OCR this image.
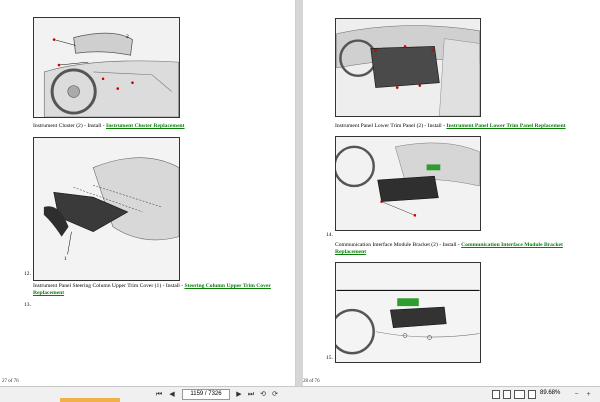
2
Instrument Cluster (2) - Install - Instrument Cluster Replacement
1
12.
Instrument Panel Steering Column Upper Trim Cover (1) - Install - Steering Column Upper Trim Cover Replacement
13.
27 of 76
Instrument Panel Lower Trim Panel (2) - Install - Instrument Panel Lower Trim Panel Replacement
14.
Communication Interface Module Bracket (2) - Install - Communication Interface Module Bracket Replacement
15.
28 of 76
⏮	◀	1159 / 7326	▶ ⏭ ⟲ ⟳	89.68%	−	+
